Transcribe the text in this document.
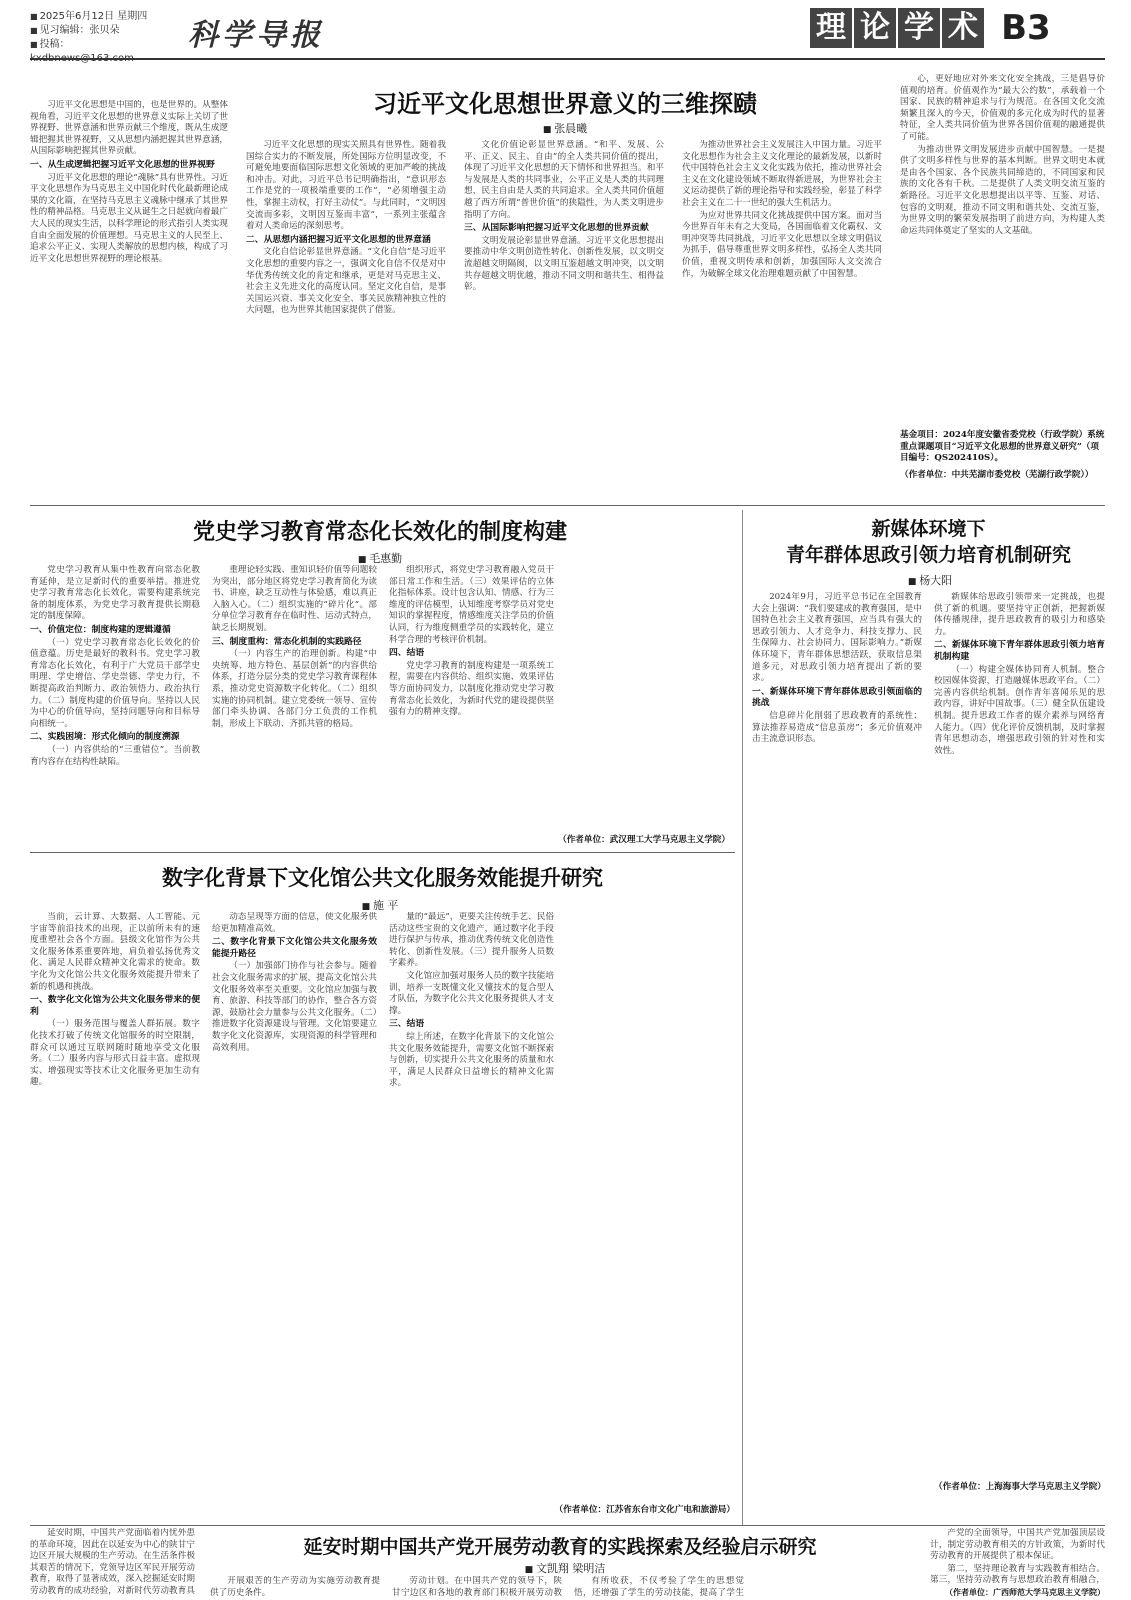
■ 2025年6月12日 星期四
■ 见习编辑：张贝朵
■ 投稿：	科学导报	理 论 学 术 B3
习近平文化思想世界意义的三维探赜
■ 张晨曦

习近平文化思想是中国的，也是世界的。从整体视角看，习近平文化思想的世界意义实际上关切了世界视野、世界意涵和世界贡献三个维度，既从生成逻辑把握其世界视野，又从思想内涵把握其世界意涵，从国际影响把握其世界贡献。

一、从生成逻辑把握习近平文化思想的世界视野

习近平文化思想的理论“魂脉”具有世界性。习近平文化思想作为马克思主义中国化时代化最新理论成果的文化篇，在坚持马克思主义魂脉中继承了其世界性的精神品格。马克思主义从诞生之日起就向着最广大人民的现实生活，以科学理论的形式指引人类实现自由全面发展的价值理想。马克思主义的人民至上、追求公平正义、实现人类解放的思想内核，构成了习近平文化思想世界视野的理论根基。

习近平文化思想的现实关照具有世界性。随着我国综合实力的不断发展，所处国际方位明显改变，不可避免地要面临国际思想文化领域的更加严峻的挑战和冲击。对此，习近平总书记明确指出，“意识形态工作是党的一项极端重要的工作”，“必须增强主动性，掌握主动权，打好主动仗”。与此同时，“文明因交流而多彩，文明因互鉴而丰富”，一系列主张蕴含着对人类命运的深刻思考。

二、从思想内涵把握习近平文化思想的世界意涵

文化自信论彰显世界意涵。“文化自信”是习近平文化思想的重要内容之一，强调文化自信不仅是对中华优秀传统文化的肯定和继承，更是对马克思主义、社会主义先进文化的高度认同。坚定文化自信，是事关国运兴衰、事关文化安全、事关民族精神独立性的大问题，也为世界其他国家提供了借鉴。

文化价值论彰显世界意涵。“和平、发展、公平、正义、民主、自由”的全人类共同价值的提出，体现了习近平文化思想的天下情怀和世界担当。和平与发展是人类的共同事业，公平正义是人类的共同理想，民主自由是人类的共同追求。全人类共同价值超越了西方所谓“普世价值”的狭隘性，为人类文明进步指明了方向。

三、从国际影响把握习近平文化思想的世界贡献

文明发展论彰显世界意涵。习近平文化思想提出要推动中华文明创造性转化、创新性发展，以文明交流超越文明隔阂，以文明互鉴超越文明冲突，以文明共存超越文明优越，推动不同文明和谐共生、相得益彰。

为推动世界社会主义发展注入中国力量。习近平文化思想作为社会主义文化理论的最新发展，以新时代中国特色社会主义文化实践为依托，推动世界社会主义在文化建设领域不断取得新进展，为世界社会主义运动提供了新的理论指导和实践经验，彰显了科学社会主义在二十一世纪的强大生机活力。

为应对世界共同文化挑战提供中国方案。面对当今世界百年未有之大变局，各国面临着文化霸权、文明冲突等共同挑战，习近平文化思想以全球文明倡议为抓手，倡导尊重世界文明多样性，弘扬全人类共同价值，重视文明传承和创新，加强国际人文交流合作，为破解全球文化治理难题贡献了中国智慧。

心，更好地应对外来文化安全挑战，三是倡导价值观的培育。价值观作为“最大公约数”，承载着一个国家、民族的精神追求与行为规范。在各国文化交流频繁且深入的今天，价值观的多元化成为时代的显著特征，全人类共同价值为世界各国价值观的融通提供了可能。

为推动世界文明发展进步贡献中国智慧。一是提供了文明多样性与世界的基本判断。世界文明史本就是由各个国家、各个民族共同缔造的，不同国家和民族的文化各有千秋。二是提供了人类文明交流互鉴的新路径。习近平文化思想提出以平等、互鉴、对话、包容的文明观，推动不同文明和谐共处、交流互鉴，为世界文明的繁荣发展指明了前进方向，为构建人类命运共同体奠定了坚实的人文基础。

基金项目：2024年度安徽省委党校（行政学院）系统重点课题项目“习近平文化思想的世界意义研究”（项目编号：QS202410S）。
（作者单位：中共芜湖市委党校（芜湖行政学院））
党史学习教育常态化长效化的制度构建
■ 毛惠勤

党史学习教育从集中性教育向常态化教育延伸，是立足新时代的重要举措。推进党史学习教育常态化长效化，需要构建系统完备的制度体系，为党史学习教育提供长期稳定的制度保障。

一、价值定位：制度构建的逻辑遵循

（一）党史学习教育常态化长效化的价值意蕴。历史是最好的教科书。党史学习教育常态化长效化，有利于广大党员干部学史明理、学史增信、学史崇德、学史力行，不断提高政治判断力、政治领悟力、政治执行力。（二）制度构建的价值导向。坚持以人民为中心的价值导向，坚持问题导向和目标导向相统一。

二、实践困境：形式化倾向的制度溯源

（一）内容供给的“三重错位”。当前教育内容存在结构性缺陷。

重理论轻实践、重知识轻价值等问题较为突出，部分地区将党史学习教育简化为读书、讲座，缺乏互动性与体验感，难以真正入脑入心。（二）组织实施的“碎片化”。部分单位学习教育存在临时性、运动式特点，缺乏长期规划。

三、制度重构：常态化机制的实践路径

（一）内容生产的治理创新。构建“中央统筹、地方特色、基层创新”的内容供给体系，打造分层分类的党史学习教育课程体系，推动党史资源数字化转化。（二）组织实施的协同机制。建立党委统一领导、宣传部门牵头协调、各部门分工负责的工作机制，形成上下联动、齐抓共管的格局。

组织形式，将党史学习教育融入党员干部日常工作和生活。（三）效果评估的立体化指标体系。设计包含认知、情感、行为三维度的评估模型，认知维度考察学员对党史知识的掌握程度，情感维度关注学员的价值认同，行为维度侧重学员的实践转化，建立科学合理的考核评价机制。

四、结语

党史学习教育的制度构建是一项系统工程，需要在内容供给、组织实施、效果评估等方面协同发力，以制度化推动党史学习教育常态化长效化，为新时代党的建设提供坚强有力的精神支撑。

（作者单位：武汉理工大学马克思主义学院）
数字化背景下文化馆公共文化服务效能提升研究
■ 施 平

当前，云计算、大数据、人工智能、元宇宙等前沿技术的出现，正以前所未有的速度重塑社会各个方面。县级文化馆作为公共文化服务体系重要阵地，肩负着弘扬优秀文化、满足人民群众精神文化需求的使命。数字化为文化馆公共文化服务效能提升带来了新的机遇和挑战。

一、数字化文化馆为公共文化服务带来的便利

（一）服务范围与覆盖人群拓展。数字化技术打破了传统文化馆服务的时空限制，群众可以通过互联网随时随地享受文化服务。（二）服务内容与形式日益丰富。虚拟现实、增强现实等技术让文化服务更加生动有趣。

动态呈现等方面的信息，使文化服务供给更加精准高效。

二、数字化背景下文化馆公共文化服务效能提升路径

（一）加强部门协作与社会参与。随着社会文化服务需求的扩展，提高文化馆公共文化服务效率至关重要。文化馆应加强与教育、旅游、科技等部门的协作，整合各方资源，鼓励社会力量参与公共文化服务。（二）推进数字化资源建设与管理。文化馆要建立数字化文化资源库，实现资源的科学管理和高效利用。

量的“最远”，更要关注传统手艺、民俗活动这些宝贵的文化遗产，通过数字化手段进行保护与传承，推动优秀传统文化创造性转化、创新性发展。（三）提升服务人员数字素养。

文化馆应加强对服务人员的数字技能培训，培养一支既懂文化又懂技术的复合型人才队伍，为数字化公共文化服务提供人才支撑。

三、结语

综上所述，在数字化背景下的文化馆公共文化服务效能提升，需要文化馆不断探索与创新，切实提升公共文化服务的质量和水平，满足人民群众日益增长的精神文化需求。

（作者单位：江苏省东台市文化广电和旅游局）
新媒体环境下
青年群体思政引领力培育机制研究
■ 杨大阳

2024年9月，习近平总书记在全国教育大会上强调：“我们要建成的教育强国，是中国特色社会主义教育强国，应当具有强大的思政引领力、人才竞争力、科技支撑力、民生保障力、社会协同力、国际影响力。”新媒体环境下，青年群体思想活跃，获取信息渠道多元，对思政引领力培育提出了新的要求。

一、新媒体环境下青年群体思政引领面临的挑战

信息碎片化削弱了思政教育的系统性；算法推荐易造成“信息茧房”；多元价值观冲击主流意识形态。

新媒体给思政引领带来一定挑战，也提供了新的机遇。要坚持守正创新，把握新媒体传播规律，提升思政教育的吸引力和感染力。

二、新媒体环境下青年群体思政引领力培育机制构建

（一）构建全媒体协同育人机制。整合校园媒体资源，打造融媒体思政平台。（二）完善内容供给机制。创作青年喜闻乐见的思政内容，讲好中国故事。（三）健全队伍建设机制。提升思政工作者的媒介素养与网络育人能力。（四）优化评价反馈机制，及时掌握青年思想动态，增强思政引领的针对性和实效性。

（作者单位：上海海事大学马克思主义学院）
延安时期中国共产党开展劳动教育的实践探索及经验启示研究
■ 文凯翔 梁明洁

延安时期，中国共产党面临着内忧外患的革命环境，因此在以延安为中心的陕甘宁边区开展大规模的生产劳动。在生活条件极其艰苦的情况下，党领导边区军民开展劳动教育，取得了显著成效，深入挖掘延安时期劳动教育的成功经验，对新时代劳动教育具

开展艰苦的生产劳动为实施劳动教育提供了历史条件。

劳动计划。在中国共产党的领导下，陕甘宁边区和各地的教育部门积极开展劳动教

有所收获，不仅考验了学生的思想觉悟，还增强了学生的劳动技能，提高了学生

产党的全面领导，中国共产党加强顶层设计，制定劳动教育相关的方针政策，为新时代劳动教育的开展提供了根本保证。

第二，坚持理论教育与实践教育相结合。第三，坚持劳动教育与思想政治教育相融合，

（作者单位：广西师范大学马克思主义学院）
